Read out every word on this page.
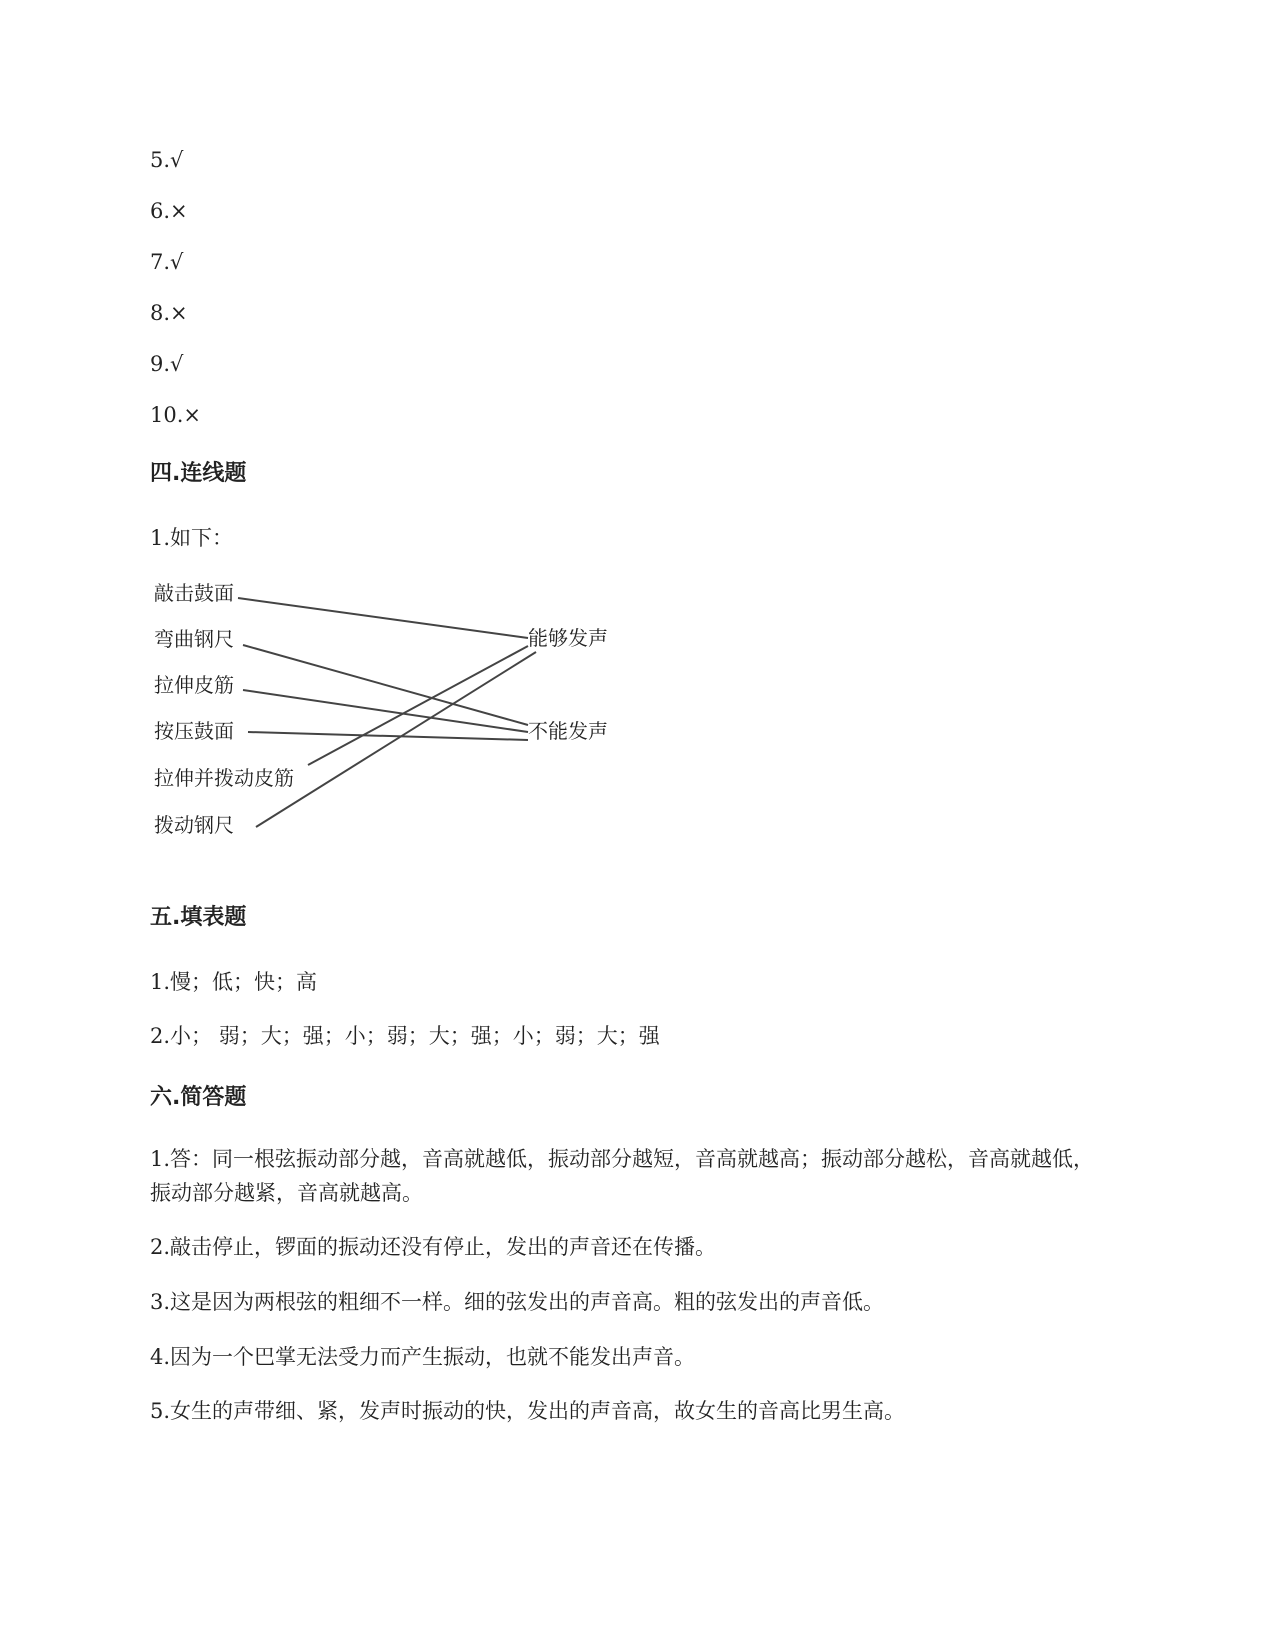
5.√
6.×
7.√
8.×
9.√
10.×
四.连线题
1.如下：
敲击鼓面
弯曲钢尺
拉伸皮筋
按压鼓面
拉伸并拨动皮筋
拨动钢尺
能够发声
不能发声
五.填表题
1.慢；低；快；高
2.小； 弱；大；强；小；弱；大；强；小；弱；大；强
六.简答题
1.答：同一根弦振动部分越，音高就越低，振动部分越短，音高就越高；振动部分越松，音高就越低，振动部分越紧，音高就越高。
2.敲击停止，锣面的振动还没有停止，发出的声音还在传播。
3.这是因为两根弦的粗细不一样。细的弦发出的声音高。粗的弦发出的声音低。
4.因为一个巴掌无法受力而产生振动，也就不能发出声音。
5.女生的声带细、紧，发声时振动的快，发出的声音高，故女生的音高比男生高。
